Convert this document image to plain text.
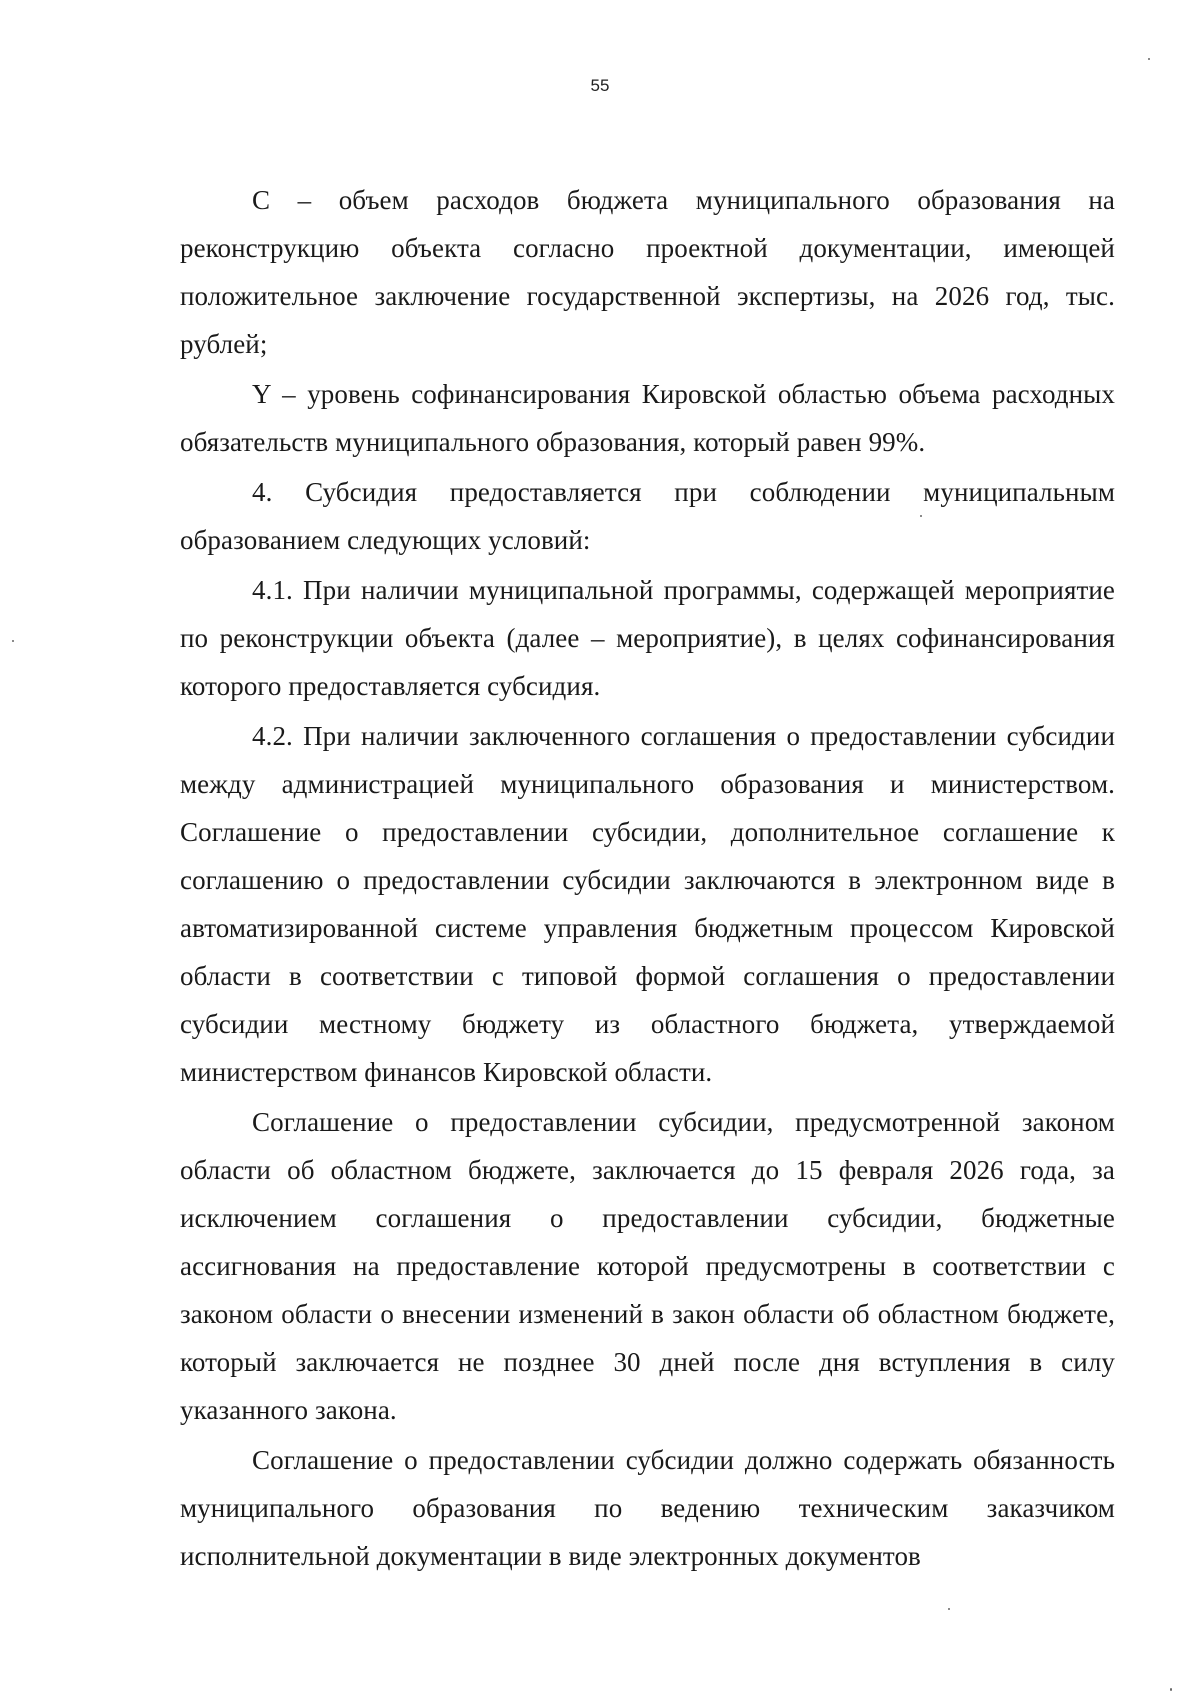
55

C – объем расходов бюджета муниципального образования на реконструкцию объекта согласно проектной документации, имеющей положительное заключение государственной экспертизы, на 2026 год, тыс. рублей;

Y – уровень софинансирования Кировской областью объема расходных обязательств муниципального образования, который равен 99%.

4. Субсидия предоставляется при соблюдении муниципальным образованием следующих условий:

4.1. При наличии муниципальной программы, содержащей мероприятие по реконструкции объекта (далее – мероприятие), в целях софинансирования которого предоставляется субсидия.

4.2. При наличии заключенного соглашения о предоставлении субсидии между администрацией муниципального образования и министерством. Соглашение о предоставлении субсидии, дополнительное соглашение к соглашению о предоставлении субсидии заключаются в электронном виде в автоматизированной системе управления бюджетным процессом Кировской области в соответствии с типовой формой соглашения о предоставлении субсидии местному бюджету из областного бюджета, утверждаемой министерством финансов Кировской области.

Соглашение о предоставлении субсидии, предусмотренной законом области об областном бюджете, заключается до 15 февраля 2026 года, за исключением соглашения о предоставлении субсидии, бюджетные ассигнования на предоставление которой предусмотрены в соответствии с законом области о внесении изменений в закон области об областном бюджете, который заключается не позднее 30 дней после дня вступления в силу указанного закона.

Соглашение о предоставлении субсидии должно содержать обязанность муниципального образования по ведению техническим заказчиком исполнительной документации в виде электронных документов
